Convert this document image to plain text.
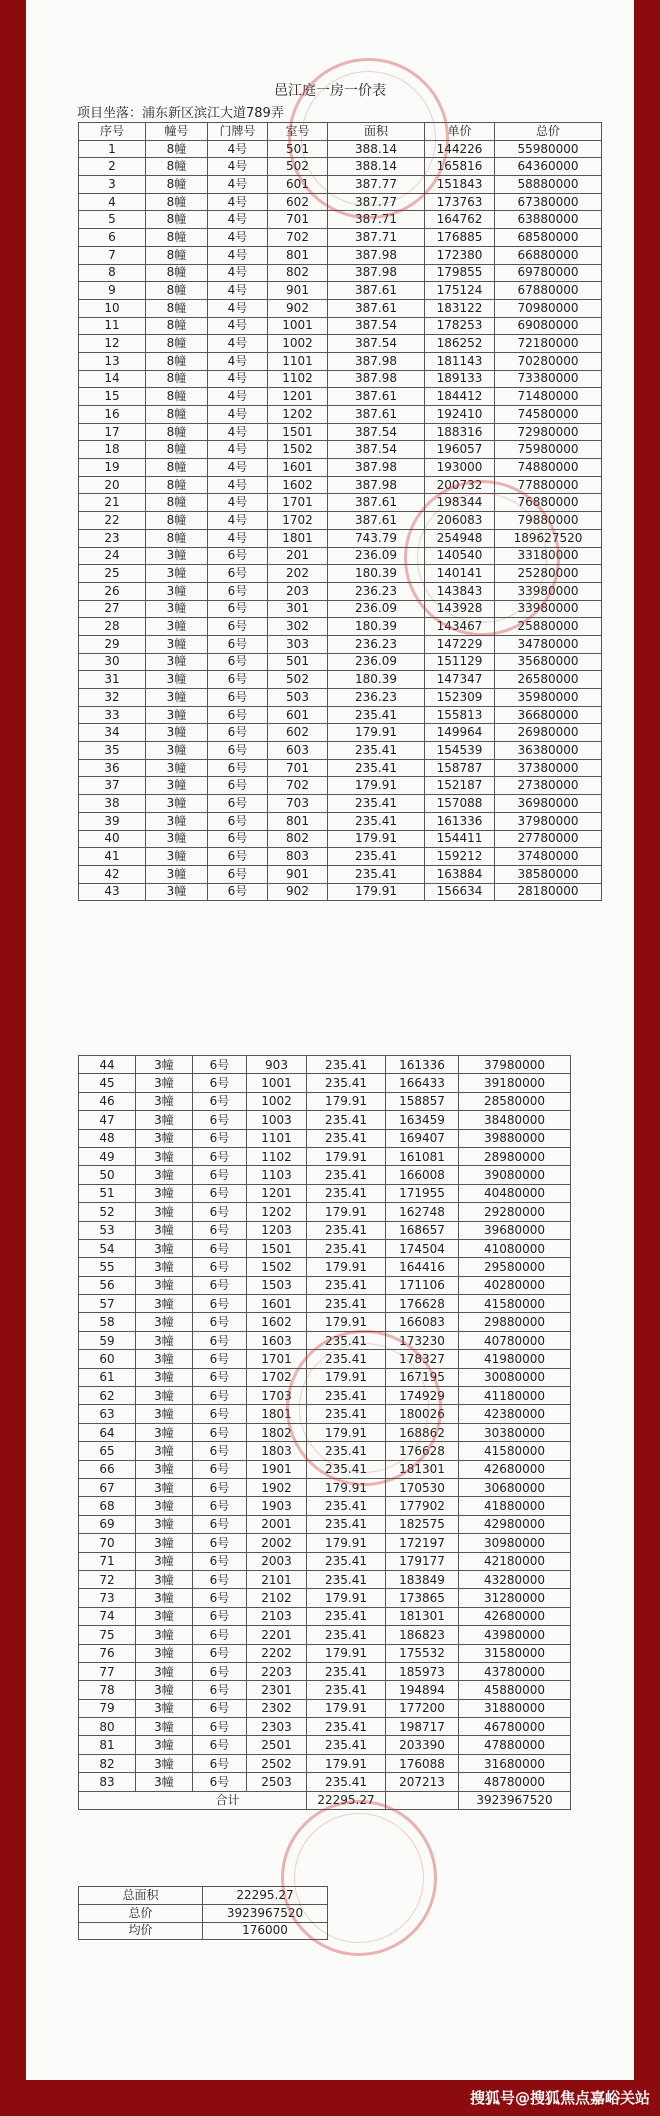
邑江庭一房一价表
项目坐落：浦东新区滨江大道789弄
序号	幢号	门牌号	室号	面积	单价	总价
1	8幢	4号	501	388.14	144226	55980000
2	8幢	4号	502	388.14	165816	64360000
3	8幢	4号	601	387.77	151843	58880000
4	8幢	4号	602	387.77	173763	67380000
5	8幢	4号	701	387.71	164762	63880000
6	8幢	4号	702	387.71	176885	68580000
7	8幢	4号	801	387.98	172380	66880000
8	8幢	4号	802	387.98	179855	69780000
9	8幢	4号	901	387.61	175124	67880000
10	8幢	4号	902	387.61	183122	70980000
11	8幢	4号	1001	387.54	178253	69080000
12	8幢	4号	1002	387.54	186252	72180000
13	8幢	4号	1101	387.98	181143	70280000
14	8幢	4号	1102	387.98	189133	73380000
15	8幢	4号	1201	387.61	184412	71480000
16	8幢	4号	1202	387.61	192410	74580000
17	8幢	4号	1501	387.54	188316	72980000
18	8幢	4号	1502	387.54	196057	75980000
19	8幢	4号	1601	387.98	193000	74880000
20	8幢	4号	1602	387.98	200732	77880000
21	8幢	4号	1701	387.61	198344	76880000
22	8幢	4号	1702	387.61	206083	79880000
23	8幢	4号	1801	743.79	254948	189627520
24	3幢	6号	201	236.09	140540	33180000
25	3幢	6号	202	180.39	140141	25280000
26	3幢	6号	203	236.23	143843	33980000
27	3幢	6号	301	236.09	143928	33980000
28	3幢	6号	302	180.39	143467	25880000
29	3幢	6号	303	236.23	147229	34780000
30	3幢	6号	501	236.09	151129	35680000
31	3幢	6号	502	180.39	147347	26580000
32	3幢	6号	503	236.23	152309	35980000
33	3幢	6号	601	235.41	155813	36680000
34	3幢	6号	602	179.91	149964	26980000
35	3幢	6号	603	235.41	154539	36380000
36	3幢	6号	701	235.41	158787	37380000
37	3幢	6号	702	179.91	152187	27380000
38	3幢	6号	703	235.41	157088	36980000
39	3幢	6号	801	235.41	161336	37980000
40	3幢	6号	802	179.91	154411	27780000
41	3幢	6号	803	235.41	159212	37480000
42	3幢	6号	901	235.41	163884	38580000
43	3幢	6号	902	179.91	156634	28180000
44	3幢	6号	903	235.41	161336	37980000
45	3幢	6号	1001	235.41	166433	39180000
46	3幢	6号	1002	179.91	158857	28580000
47	3幢	6号	1003	235.41	163459	38480000
48	3幢	6号	1101	235.41	169407	39880000
49	3幢	6号	1102	179.91	161081	28980000
50	3幢	6号	1103	235.41	166008	39080000
51	3幢	6号	1201	235.41	171955	40480000
52	3幢	6号	1202	179.91	162748	29280000
53	3幢	6号	1203	235.41	168657	39680000
54	3幢	6号	1501	235.41	174504	41080000
55	3幢	6号	1502	179.91	164416	29580000
56	3幢	6号	1503	235.41	171106	40280000
57	3幢	6号	1601	235.41	176628	41580000
58	3幢	6号	1602	179.91	166083	29880000
59	3幢	6号	1603	235.41	173230	40780000
60	3幢	6号	1701	235.41	178327	41980000
61	3幢	6号	1702	179.91	167195	30080000
62	3幢	6号	1703	235.41	174929	41180000
63	3幢	6号	1801	235.41	180026	42380000
64	3幢	6号	1802	179.91	168862	30380000
65	3幢	6号	1803	235.41	176628	41580000
66	3幢	6号	1901	235.41	181301	42680000
67	3幢	6号	1902	179.91	170530	30680000
68	3幢	6号	1903	235.41	177902	41880000
69	3幢	6号	2001	235.41	182575	42980000
70	3幢	6号	2002	179.91	172197	30980000
71	3幢	6号	2003	235.41	179177	42180000
72	3幢	6号	2101	235.41	183849	43280000
73	3幢	6号	2102	179.91	173865	31280000
74	3幢	6号	2103	235.41	181301	42680000
75	3幢	6号	2201	235.41	186823	43980000
76	3幢	6号	2202	179.91	175532	31580000
77	3幢	6号	2203	235.41	185973	43780000
78	3幢	6号	2301	235.41	194894	45880000
79	3幢	6号	2302	179.91	177200	31880000
80	3幢	6号	2303	235.41	198717	46780000
81	3幢	6号	2501	235.41	203390	47880000
82	3幢	6号	2502	179.91	176088	31680000
83	3幢	6号	2503	235.41	207213	48780000
合计				22295.27		3923967520
总面积	22295.27
总价	3923967520
均价	176000
搜狐号@搜狐焦点嘉峪关站
